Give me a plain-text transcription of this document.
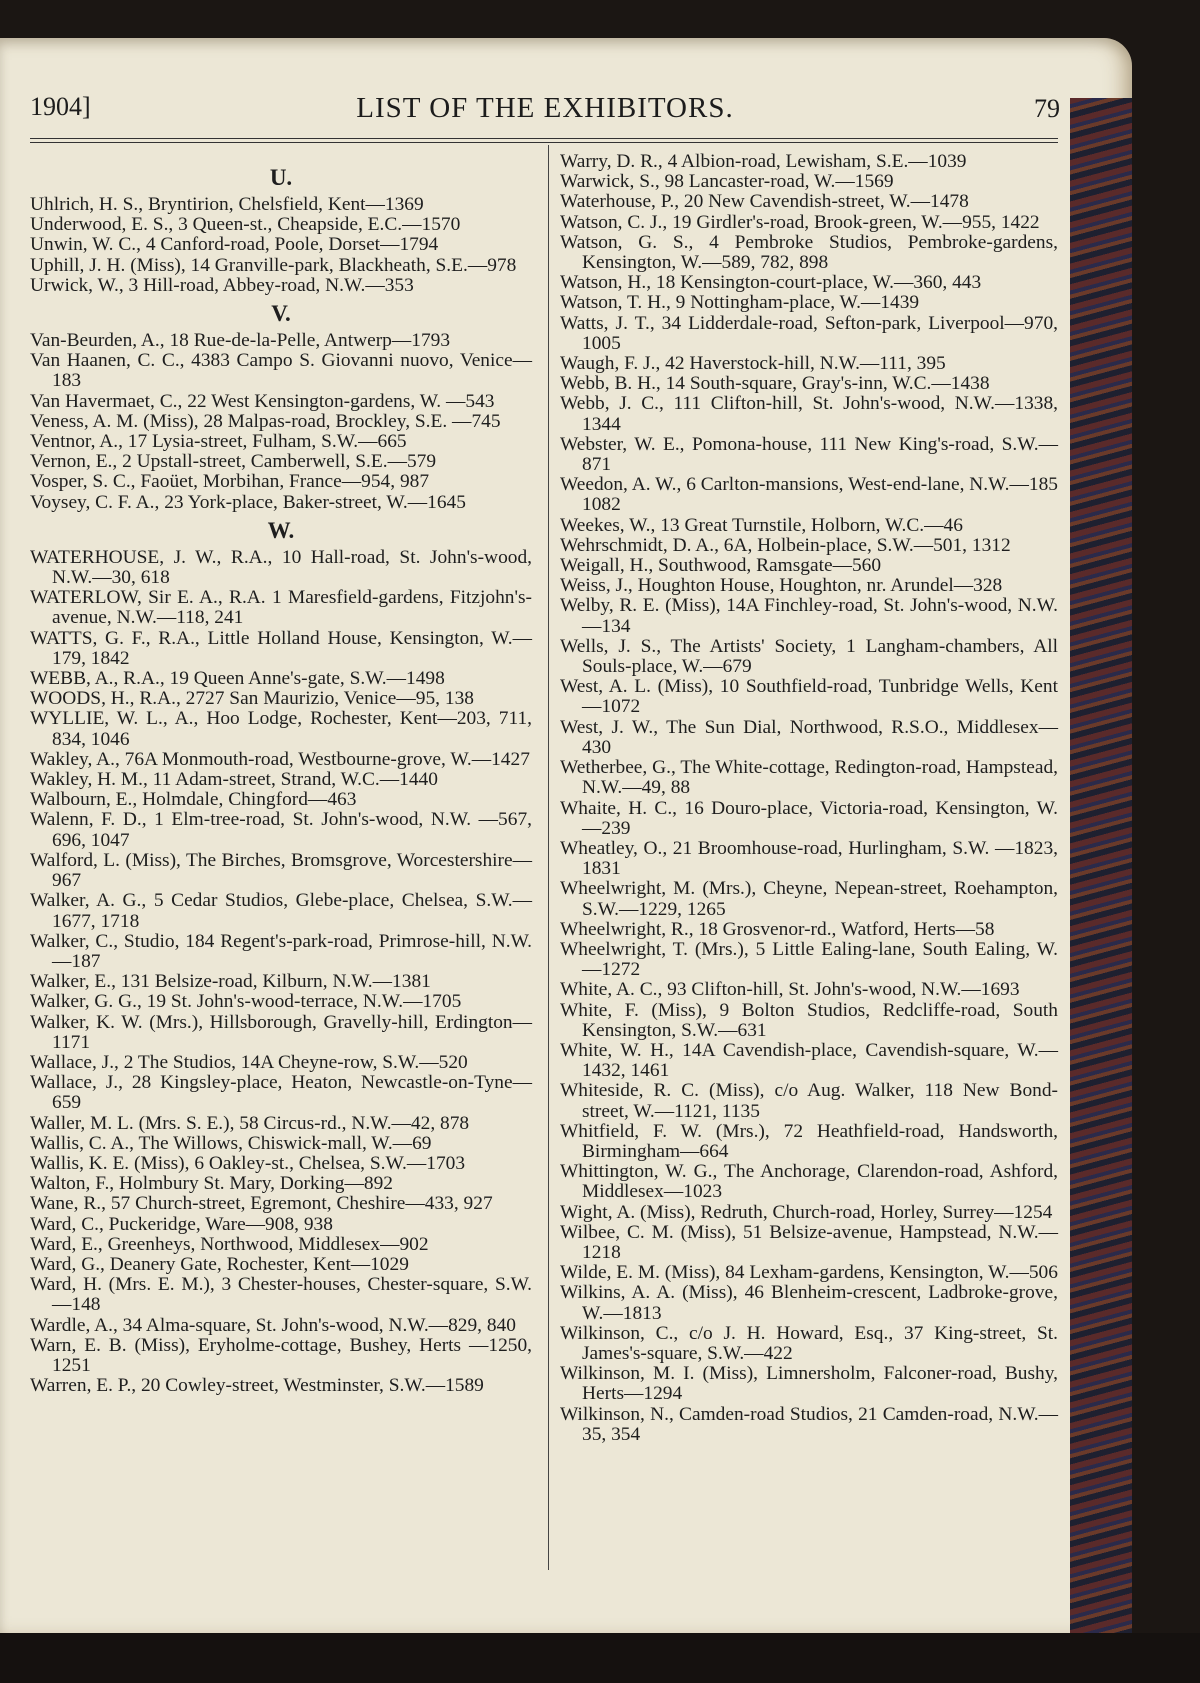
1904]	LIST OF THE EXHIBITORS.	79
U.
Uhlrich, H. S., Bryntirion, Chelsfield, Kent—1369
Underwood, E. S., 3 Queen-st., Cheapside, E.C.—1570
Unwin, W. C., 4 Canford-road, Poole, Dorset—1794
Uphill, J. H. (Miss), 14 Granville-park, Blackheath, S.E.—978
Urwick, W., 3 Hill-road, Abbey-road, N.W.—353
V.
Van-Beurden, A., 18 Rue-de-la-Pelle, Antwerp—1793
Van Haanen, C. C., 4383 Campo S. Giovanni nuovo, Venice—183
Van Havermaet, C., 22 West Kensington-gardens, W. —543
Veness, A. M. (Miss), 28 Malpas-road, Brockley, S.E. —745
Ventnor, A., 17 Lysia-street, Fulham, S.W.—665
Vernon, E., 2 Upstall-street, Camberwell, S.E.—579
Vosper, S. C., Faoüet, Morbihan, France—954, 987
Voysey, C. F. A., 23 York-place, Baker-street, W.—1645
W.
WATERHOUSE, J. W., R.A., 10 Hall-road, St. John's-wood, N.W.—30, 618
WATERLOW, Sir E. A., R.A. 1 Maresfield-gardens, Fitzjohn's-avenue, N.W.—118, 241
WATTS, G. F., R.A., Little Holland House, Kensington, W.—179, 1842
WEBB, A., R.A., 19 Queen Anne's-gate, S.W.—1498
WOODS, H., R.A., 2727 San Maurizio, Venice—95, 138
WYLLIE, W. L., A., Hoo Lodge, Rochester, Kent—203, 711, 834, 1046
Wakley, A., 76A Monmouth-road, Westbourne-grove, W.—1427
Wakley, H. M., 11 Adam-street, Strand, W.C.—1440
Walbourn, E., Holmdale, Chingford—463
Walenn, F. D., 1 Elm-tree-road, St. John's-wood, N.W. —567, 696, 1047
Walford, L. (Miss), The Birches, Bromsgrove, Worcestershire—967
Walker, A. G., 5 Cedar Studios, Glebe-place, Chelsea, S.W.—1677, 1718
Walker, C., Studio, 184 Regent's-park-road, Primrose-hill, N.W.—187
Walker, E., 131 Belsize-road, Kilburn, N.W.—1381
Walker, G. G., 19 St. John's-wood-terrace, N.W.—1705
Walker, K. W. (Mrs.), Hillsborough, Gravelly-hill, Erdington—1171
Wallace, J., 2 The Studios, 14A Cheyne-row, S.W.—520
Wallace, J., 28 Kingsley-place, Heaton, Newcastle-on-Tyne—659
Waller, M. L. (Mrs. S. E.), 58 Circus-rd., N.W.—42, 878
Wallis, C. A., The Willows, Chiswick-mall, W.—69
Wallis, K. E. (Miss), 6 Oakley-st., Chelsea, S.W.—1703
Walton, F., Holmbury St. Mary, Dorking—892
Wane, R., 57 Church-street, Egremont, Cheshire—433, 927
Ward, C., Puckeridge, Ware—908, 938
Ward, E., Greenheys, Northwood, Middlesex—902
Ward, G., Deanery Gate, Rochester, Kent—1029
Ward, H. (Mrs. E. M.), 3 Chester-houses, Chester-square, S.W.—148
Wardle, A., 34 Alma-square, St. John's-wood, N.W.—829, 840
Warn, E. B. (Miss), Eryholme-cottage, Bushey, Herts —1250, 1251
Warren, E. P., 20 Cowley-street, Westminster, S.W.—1589
Warry, D. R., 4 Albion-road, Lewisham, S.E.—1039
Warwick, S., 98 Lancaster-road, W.—1569
Waterhouse, P., 20 New Cavendish-street, W.—1478
Watson, C. J., 19 Girdler's-road, Brook-green, W.—955, 1422
Watson, G. S., 4 Pembroke Studios, Pembroke-gardens, Kensington, W.—589, 782, 898
Watson, H., 18 Kensington-court-place, W.—360, 443
Watson, T. H., 9 Nottingham-place, W.—1439
Watts, J. T., 34 Lidderdale-road, Sefton-park, Liverpool—970, 1005
Waugh, F. J., 42 Haverstock-hill, N.W.—111, 395
Webb, B. H., 14 South-square, Gray's-inn, W.C.—1438
Webb, J. C., 111 Clifton-hill, St. John's-wood, N.W.—1338, 1344
Webster, W. E., Pomona-house, 111 New King's-road, S.W.—871
Weedon, A. W., 6 Carlton-mansions, West-end-lane, N.W.—185 1082
Weekes, W., 13 Great Turnstile, Holborn, W.C.—46
Wehrschmidt, D. A., 6A, Holbein-place, S.W.—501, 1312
Weigall, H., Southwood, Ramsgate—560
Weiss, J., Houghton House, Houghton, nr. Arundel—328
Welby, R. E. (Miss), 14A Finchley-road, St. John's-wood, N.W.—134
Wells, J. S., The Artists' Society, 1 Langham-chambers, All Souls-place, W.—679
West, A. L. (Miss), 10 Southfield-road, Tunbridge Wells, Kent—1072
West, J. W., The Sun Dial, Northwood, R.S.O., Middlesex—430
Wetherbee, G., The White-cottage, Redington-road, Hampstead, N.W.—49, 88
Whaite, H. C., 16 Douro-place, Victoria-road, Kensington, W.—239
Wheatley, O., 21 Broomhouse-road, Hurlingham, S.W. —1823, 1831
Wheelwright, M. (Mrs.), Cheyne, Nepean-street, Roehampton, S.W.—1229, 1265
Wheelwright, R., 18 Grosvenor-rd., Watford, Herts—58
Wheelwright, T. (Mrs.), 5 Little Ealing-lane, South Ealing, W.—1272
White, A. C., 93 Clifton-hill, St. John's-wood, N.W.—1693
White, F. (Miss), 9 Bolton Studios, Redcliffe-road, South Kensington, S.W.—631
White, W. H., 14A Cavendish-place, Cavendish-square, W.—1432, 1461
Whiteside, R. C. (Miss), c/o Aug. Walker, 118 New Bond-street, W.—1121, 1135
Whitfield, F. W. (Mrs.), 72 Heathfield-road, Handsworth, Birmingham—664
Whittington, W. G., The Anchorage, Clarendon-road, Ashford, Middlesex—1023
Wight, A. (Miss), Redruth, Church-road, Horley, Surrey—1254
Wilbee, C. M. (Miss), 51 Belsize-avenue, Hampstead, N.W.—1218
Wilde, E. M. (Miss), 84 Lexham-gardens, Kensington, W.—506
Wilkins, A. A. (Miss), 46 Blenheim-crescent, Ladbroke-grove, W.—1813
Wilkinson, C., c/o J. H. Howard, Esq., 37 King-street, St. James's-square, S.W.—422
Wilkinson, M. I. (Miss), Limnersholm, Falconer-road, Bushy, Herts—1294
Wilkinson, N., Camden-road Studios, 21 Camden-road, N.W.—35, 354
